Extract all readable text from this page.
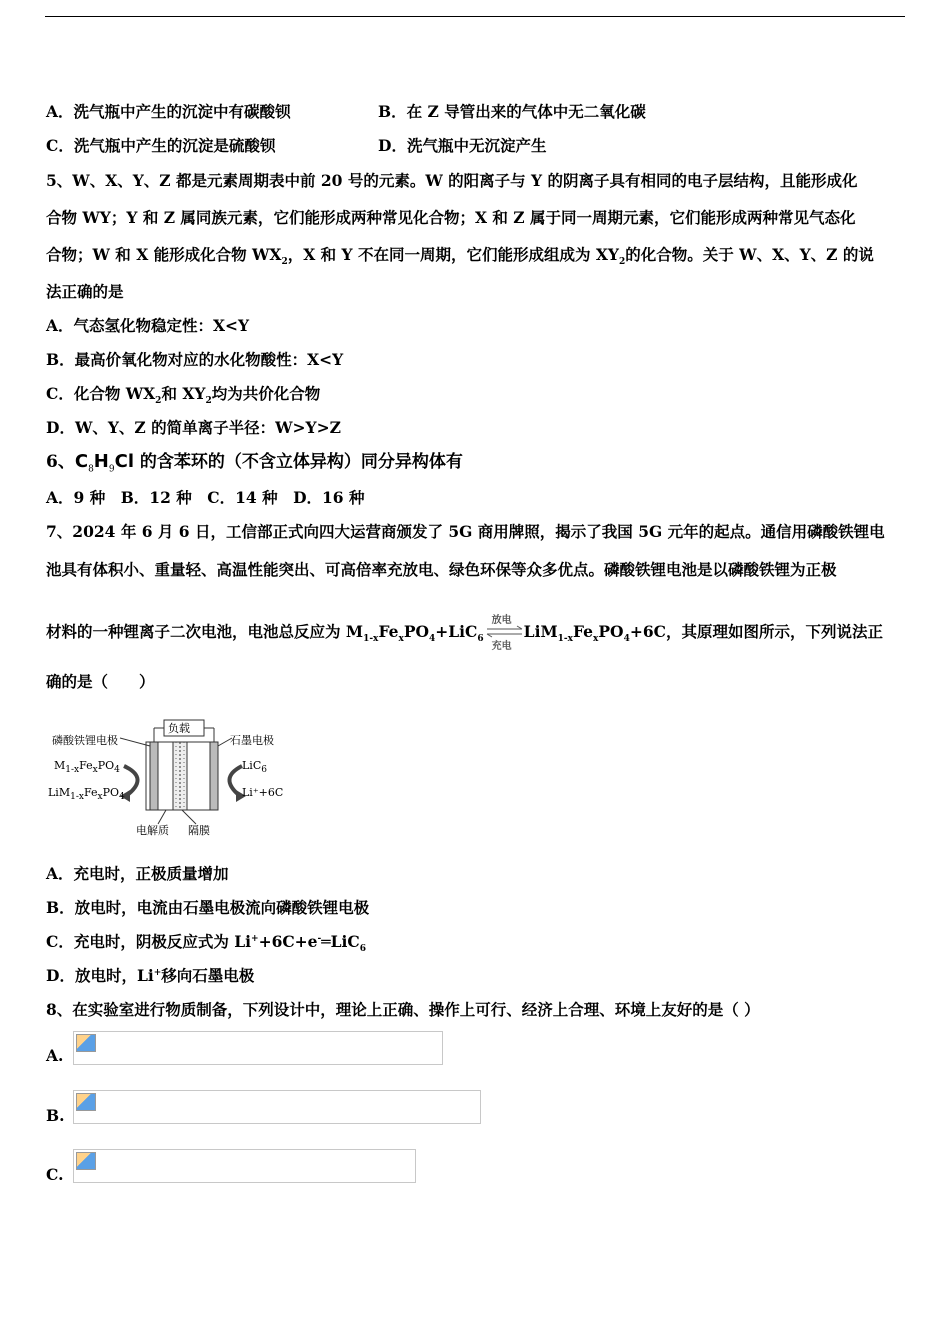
A．洗气瓶中产生的沉淀中有碳酸钡	B．在 Z 导管出来的气体中无二氧化碳
C．洗气瓶中产生的沉淀是硫酸钡	D．洗气瓶中无沉淀产生
5、W、X、Y、Z 都是元素周期表中前 20 号的元素。W 的阳离子与 Y 的阴离子具有相同的电子层结构，且能形成化
合物 WY；Y 和 Z 属同族元素，它们能形成两种常见化合物；X 和 Z 属于同一周期元素，它们能形成两种常见气态化
合物；W 和 X 能形成化合物 $WX_2$，X 和 Y 不在同一周期，它们能形成组成为 $XY_2$的化合物。关于 W、X、Y、Z 的说
法正确的是
A．气态氢化物稳定性：X<Y
B．最高价氧化物对应的水化物酸性：X<Y
C．化合物 $WX_2$和 $XY_2$均为共价化合物
D．W、Y、Z 的简单离子半径：W>Y>Z
6、$C_8H_9Cl$ 的含苯环的（不含立体异构）同分异构体有
A．9 种　B．12 种　C．14 种　D．16 种
7、2024 年 6 月 6 日，工信部正式向四大运营商颁发了 5G 商用牌照，揭示了我国 5G 元年的起点。通信用磷酸铁锂电
池具有体积小、重量轻、高温性能突出、可高倍率充放电、绿色环保等众多优点。磷酸铁锂电池是以磷酸铁锂为正极
材料的一种锂离子二次电池，电池总反应为 $M_{1-x}Fe_xPO_4+LiC_6$
放电
充电
$LiM_{1-x}Fe_xPO_4+6C$，其原理如图所示，下列说法正
确的是（　　）
负载
磷酸铁锂电极
$M_{1-x}Fe_xPO_4$
$LiM_{1-x}Fe_xPO_4$
石墨电极
LiC$_6$
Li⁺+6C
电解质 隔膜
A．充电时，正极质量增加
B．放电时，电流由石墨电极流向磷酸铁锂电极
C．充电时，阴极反应式为 Li++6C+e-═LiC$_6$
D．放电时，Li+移向石墨电极
8、在实验室进行物质制备，下列设计中，理论上正确、操作上可行、经济上合理、环境上友好的是（ ）
A.
B.
C.
